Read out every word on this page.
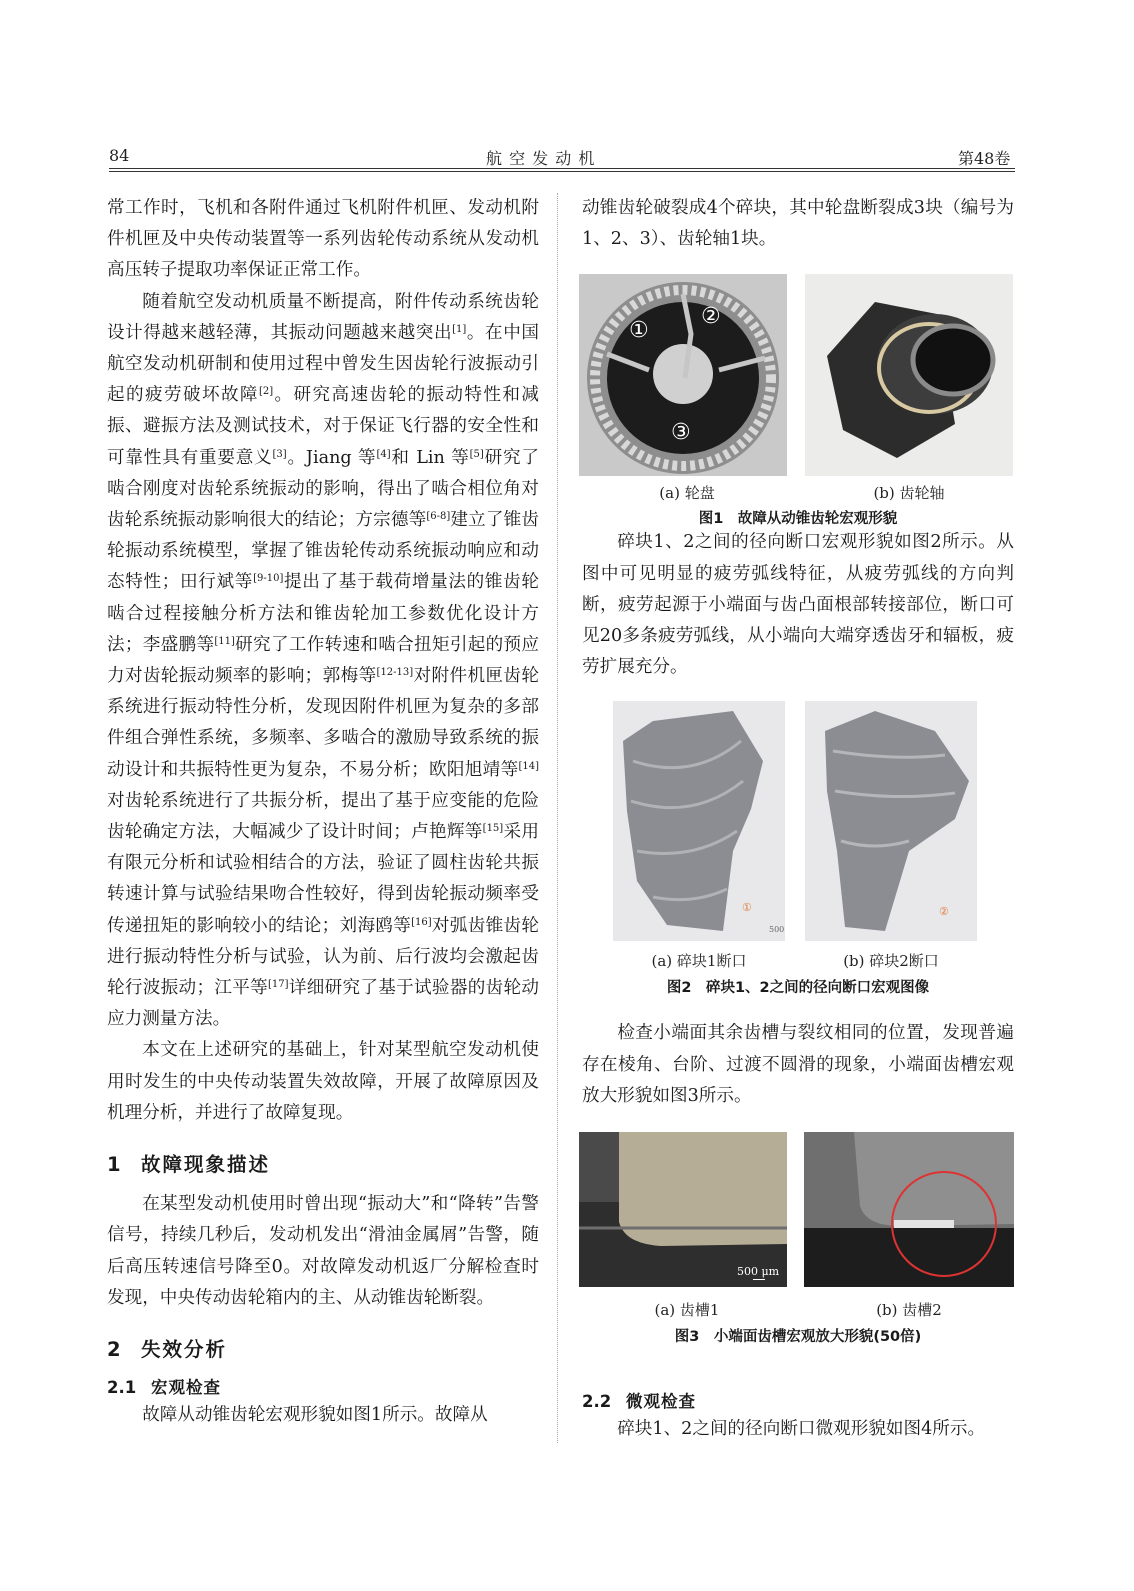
84	航 空 发 动 机	第48卷

常工作时，飞机和各附件通过飞机附件机匣、发动机附件机匣及中央传动装置等一系列齿轮传动系统从发动机高压转子提取功率保证正常工作。

随着航空发动机质量不断提高，附件传动系统齿轮设计得越来越轻薄，其振动问题越来越突出[1]。在中国航空发动机研制和使用过程中曾发生因齿轮行波振动引起的疲劳破坏故障[2]。研究高速齿轮的振动特性和减振、避振方法及测试技术，对于保证飞行器的安全性和可靠性具有重要意义[3]。Jiang 等[4]和 Lin 等[5]研究了啮合刚度对齿轮系统振动的影响，得出了啮合相位角对齿轮系统振动影响很大的结论；方宗德等[6-8]建立了锥齿轮振动系统模型，掌握了锥齿轮传动系统振动响应和动态特性；田行斌等[9-10]提出了基于载荷增量法的锥齿轮啮合过程接触分析方法和锥齿轮加工参数优化设计方法；李盛鹏等[11]研究了工作转速和啮合扭矩引起的预应力对齿轮振动频率的影响；郭梅等[12-13]对附件机匣齿轮系统进行振动特性分析，发现因附件机匣为复杂的多部件组合弹性系统，多频率、多啮合的激励导致系统的振动设计和共振特性更为复杂，不易分析；欧阳旭靖等[14]对齿轮系统进行了共振分析，提出了基于应变能的危险齿轮确定方法，大幅减少了设计时间；卢艳辉等[15]采用有限元分析和试验相结合的方法，验证了圆柱齿轮共振转速计算与试验结果吻合性较好，得到齿轮振动频率受传递扭矩的影响较小的结论；刘海鸥等[16]对弧齿锥齿轮进行振动特性分析与试验，认为前、后行波均会激起齿轮行波振动；江平等[17]详细研究了基于试验器的齿轮动应力测量方法。

本文在上述研究的基础上，针对某型航空发动机使用时发生的中央传动装置失效故障，开展了故障原因及机理分析，并进行了故障复现。

1 故障现象描述

在某型发动机使用时曾出现“振动大”和“降转”告警信号，持续几秒后，发动机发出“滑油金属屑”告警，随后高压转速信号降至0。对故障发动机返厂分解检查时发现，中央传动齿轮箱内的主、从动锥齿轮断裂。

2 失效分析
2.1 宏观检查

故障从动锥齿轮宏观形貌如图1所示。故障从

动锥齿轮破裂成4个碎块，其中轮盘断裂成3块（编号为1、2、3）、齿轮轴1块。

①
②
③
(a) 轮盘	(b) 齿轮轴
图1　故障从动锥齿轮宏观形貌

碎块1、2之间的径向断口宏观形貌如图2所示。从图中可见明显的疲劳弧线特征，从疲劳弧线的方向判断，疲劳起源于小端面与齿凸面根部转接部位，断口可见20多条疲劳弧线，从小端向大端穿透齿牙和辐板，疲劳扩展充分。

①
500
②
(a) 碎块1断口	(b) 碎块2断口
图2　碎块1、2之间的径向断口宏观图像

检查小端面其余齿槽与裂纹相同的位置，发现普遍存在棱角、台阶、过渡不圆滑的现象，小端面齿槽宏观放大形貌如图3所示。

500 μm
(a) 齿槽1	(b) 齿槽2
图3　小端面齿槽宏观放大形貌(50倍)
2.2 微观检查

碎块1、2之间的径向断口微观形貌如图4所示。
